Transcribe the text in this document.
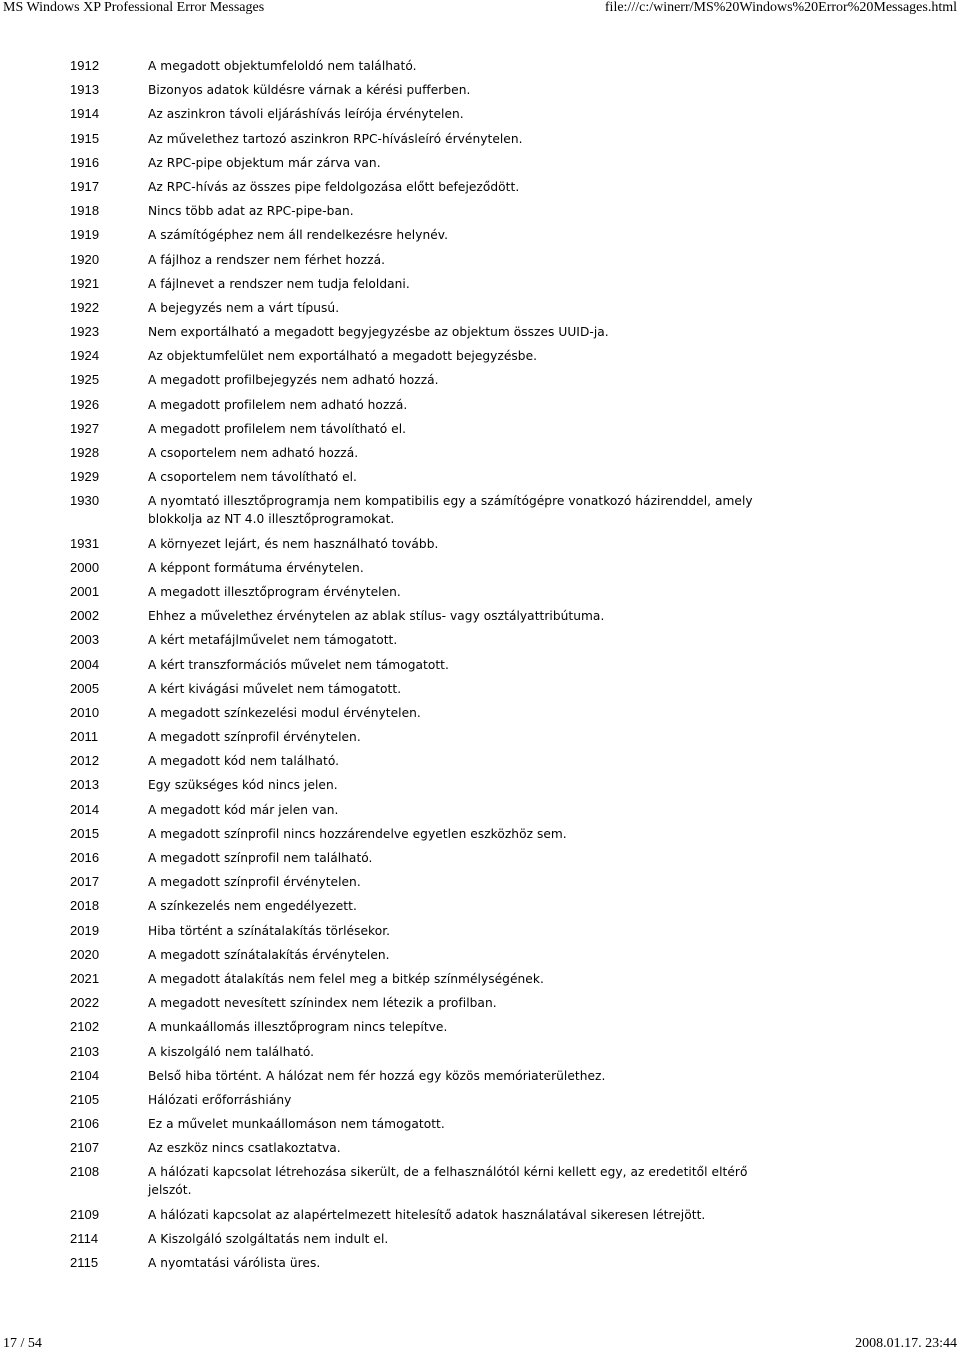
MS Windows XP Professional Error Messages	file:///c:/winerr/MS%20Windows%20Error%20Messages.html
1912	A megadott objektumfeloldó nem található.
1913	Bizonyos adatok küldésre várnak a kérési pufferben.
1914	Az aszinkron távoli eljáráshívás leírója érvénytelen.
1915	Az művelethez tartozó aszinkron RPC-hívásleíró érvénytelen.
1916	Az RPC-pipe objektum már zárva van.
1917	Az RPC-hívás az összes pipe feldolgozása előtt befejeződött.
1918	Nincs több adat az RPC-pipe-ban.
1919	A számítógéphez nem áll rendelkezésre helynév.
1920	A fájlhoz a rendszer nem férhet hozzá.
1921	A fájlnevet a rendszer nem tudja feloldani.
1922	A bejegyzés nem a várt típusú.
1923	Nem exportálható a megadott begyjegyzésbe az objektum összes UUID-ja.
1924	Az objektumfelület nem exportálható a megadott bejegyzésbe.
1925	A megadott profilbejegyzés nem adható hozzá.
1926	A megadott profilelem nem adható hozzá.
1927	A megadott profilelem nem távolítható el.
1928	A csoportelem nem adható hozzá.
1929	A csoportelem nem távolítható el.
1930	A nyomtató illesztőprogramja nem kompatibilis egy a számítógépre vonatkozó házirenddel, amely
blokkolja az NT 4.0 illesztőprogramokat.
1931	A környezet lejárt, és nem használható tovább.
2000	A képpont formátuma érvénytelen.
2001	A megadott illesztőprogram érvénytelen.
2002	Ehhez a művelethez érvénytelen az ablak stílus- vagy osztályattribútuma.
2003	A kért metafájlművelet nem támogatott.
2004	A kért transzformációs művelet nem támogatott.
2005	A kért kivágási művelet nem támogatott.
2010	A megadott színkezelési modul érvénytelen.
2011	A megadott színprofil érvénytelen.
2012	A megadott kód nem található.
2013	Egy szükséges kód nincs jelen.
2014	A megadott kód már jelen van.
2015	A megadott színprofil nincs hozzárendelve egyetlen eszközhöz sem.
2016	A megadott színprofil nem található.
2017	A megadott színprofil érvénytelen.
2018	A színkezelés nem engedélyezett.
2019	Hiba történt a színátalakítás törlésekor.
2020	A megadott színátalakítás érvénytelen.
2021	A megadott átalakítás nem felel meg a bitkép színmélységének.
2022	A megadott nevesített színindex nem létezik a profilban.
2102	A munkaállomás illesztőprogram nincs telepítve.
2103	A kiszolgáló nem található.
2104	Belső hiba történt. A hálózat nem fér hozzá egy közös memóriaterülethez.
2105	Hálózati erőforráshiány
2106	Ez a művelet munkaállomáson nem támogatott.
2107	Az eszköz nincs csatlakoztatva.
2108	A hálózati kapcsolat létrehozása sikerült, de a felhasználótól kérni kellett egy, az eredetitől eltérő
jelszót.
2109	A hálózati kapcsolat az alapértelmezett hitelesítő adatok használatával sikeresen létrejött.
2114	A Kiszolgáló szolgáltatás nem indult el.
2115	A nyomtatási várólista üres.
17 / 54	2008.01.17. 23:44
